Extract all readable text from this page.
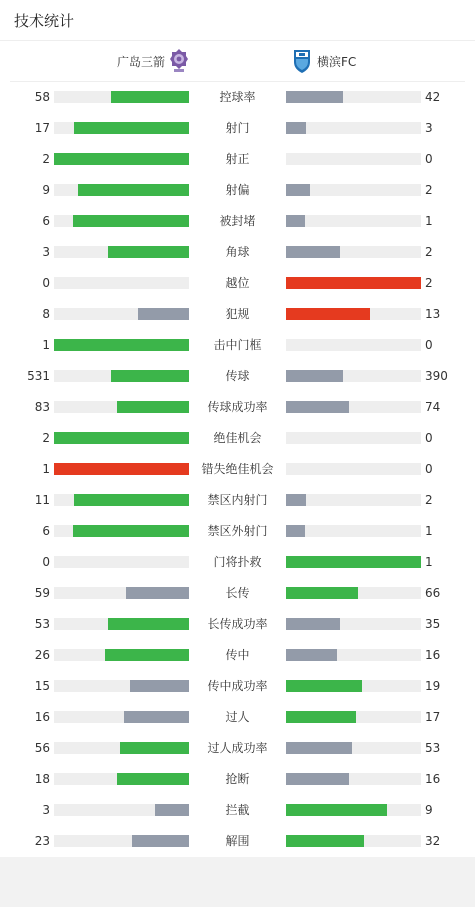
技术统计
广岛三箭	横滨FC
58	控球率	42
17	射门	3
2	射正	0
9	射偏	2
6	被封堵	1
3	角球	2
0	越位	2
8	犯规	13
1	击中门框	0
531	传球	390
83	传球成功率	74
2	绝佳机会	0
1	错失绝佳机会	0
11	禁区内射门	2
6	禁区外射门	1
0	门将扑救	1
59	长传	66
53	长传成功率	35
26	传中	16
15	传中成功率	19
16	过人	17
56	过人成功率	53
18	抢断	16
3	拦截	9
23	解围	32
